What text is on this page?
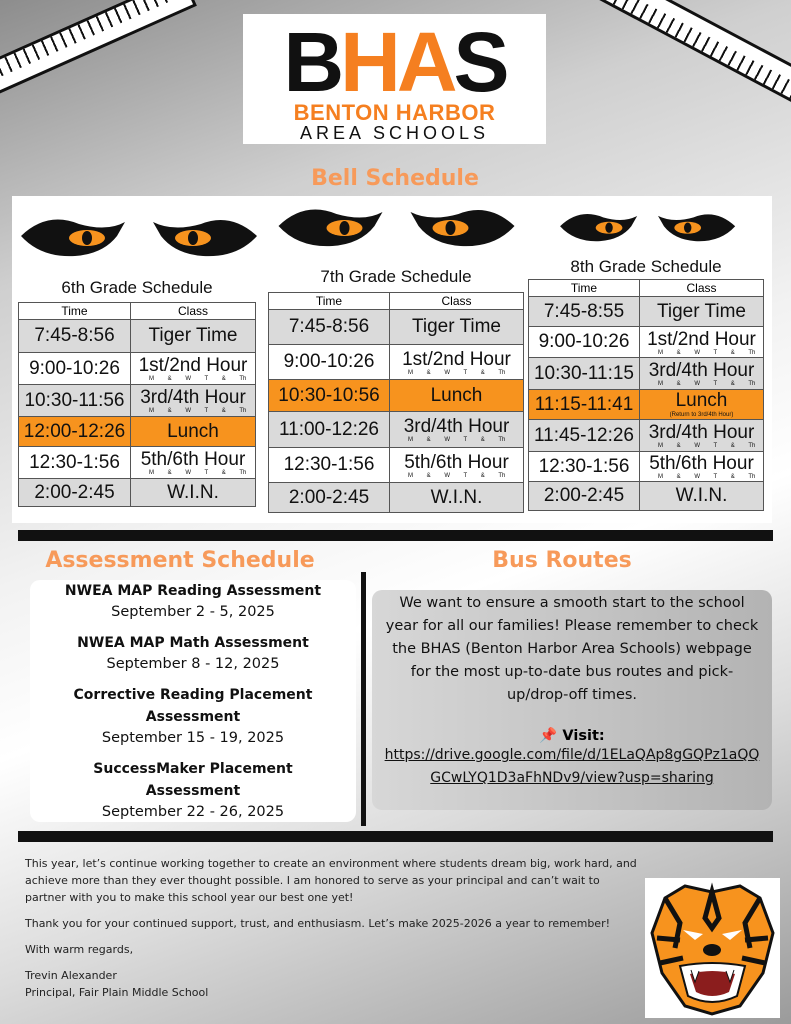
BHAS
BENTON HARBOR
AREA SCHOOLS
Bell Schedule
6th Grade Schedule
Time	Class
7:45-8:56	Tiger Time
9:00-10:26	1st/2nd Hour
M & W T & Th

10:30-11:56	3rd/4th Hour
M & W T & Th

12:00-12:26	Lunch
12:30-1:56	5th/6th Hour
M & W T & Th

2:00-2:45	W.I.N.
7th Grade Schedule
Time	Class
7:45-8:56	Tiger Time
9:00-10:26	1st/2nd Hour
M & W T & Th

10:30-10:56	Lunch
11:00-12:26	3rd/4th Hour
M & W T & Th

12:30-1:56	5th/6th Hour
M & W T & Th

2:00-2:45	W.I.N.
8th Grade Schedule
Time	Class
7:45-8:55	Tiger Time
9:00-10:26	1st/2nd Hour
M & W T & Th

10:30-11:15	3rd/4th Hour
M & W T & Th

11:15-11:41	Lunch
(Return to 3rd/4th Hour)

11:45-12:26	3rd/4th Hour
M & W T & Th

12:30-1:56	5th/6th Hour
M & W T & Th

2:00-2:45	W.I.N.
Assessment Schedule
NWEA MAP Reading Assessment
September 2 - 5, 2025
NWEA MAP Math Assessment
September 8 - 12, 2025
Corrective Reading Placement Assessment
September 15 - 19, 2025
SuccessMaker Placement Assessment
September 22 - 26, 2025
Bus Routes
We want to ensure a smooth start to the school year for all our families! Please remember to check the BHAS (Benton Harbor Area Schools) webpage for the most up-to-date bus routes and pick-up/drop-off times.
📌 Visit:
https://drive.google.com/file/d/1ELaQAp8gGQPz1aQQGCwLYQ1D3aFhNDv9/view?usp=sharing

This year, let’s continue working together to create an environment where students dream big, work hard, and achieve more than they ever thought possible. I am honored to serve as your principal and can’t wait to partner with you to make this school year our best one yet!

Thank you for your continued support, trust, and enthusiasm. Let’s make 2025-2026 a year to remember!

With warm regards,

Trevin Alexander
Principal, Fair Plain Middle School
